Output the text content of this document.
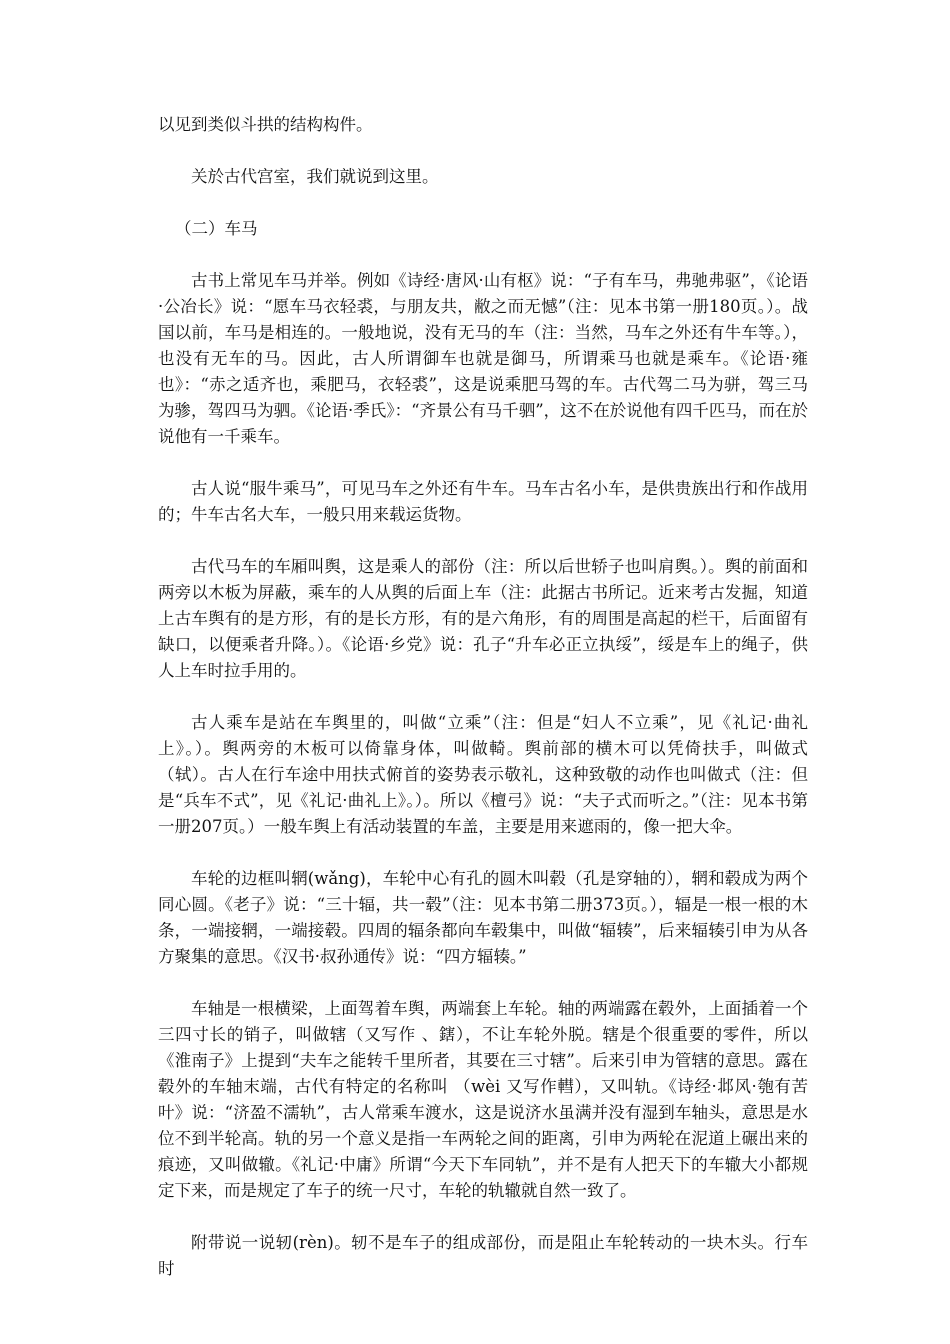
以见到类似斗拱的结构构件。

关於古代宫室，我们就说到这里。

（二）车马

古书上常见车马并举。例如《诗经·唐风·山有枢》说：“子有车马，弗驰弗驱”，《论语·公冶长》说：“愿车马衣轻裘，与朋友共，敝之而无憾”（注：见本书第一册180页。）。战国以前，车马是相连的。一般地说，没有无马的车（注：当然，马车之外还有牛车等。），也没有无车的马。因此，古人所谓御车也就是御马，所谓乘马也就是乘车。《论语·雍也》：“赤之适齐也，乘肥马，衣轻裘”，这是说乘肥马驾的车。古代驾二马为骈，驾三马为骖，驾四马为驷。《论语·季氏》：“齐景公有马千驷”，这不在於说他有四千匹马，而在於说他有一千乘车。

古人说“服牛乘马”，可见马车之外还有牛车。马车古名小车，是供贵族出行和作战用的；牛车古名大车，一般只用来载运货物。

古代马车的车厢叫舆，这是乘人的部份（注：所以后世轿子也叫肩舆。）。舆的前面和两旁以木板为屏蔽，乘车的人从舆的后面上车（注：此据古书所记。近来考古发掘，知道上古车舆有的是方形，有的是长方形，有的是六角形，有的周围是高起的栏干，后面留有缺口，以便乘者升降。）。《论语·乡党》说：孔子“升车必正立执绥”，绥是车上的绳子，供人上车时拉手用的。

古人乘车是站在车舆里的，叫做“立乘”（注：但是“妇人不立乘”，见《礼记·曲礼上》。）。舆两旁的木板可以倚靠身体，叫做輢。舆前部的横木可以凭倚扶手，叫做式（轼）。古人在行车途中用扶式俯首的姿势表示敬礼，这种致敬的动作也叫做式（注：但是“兵车不式”，见《礼记·曲礼上》。）。所以《檀弓》说：“夫子式而听之。”（注：见本书第一册207页。）一般车舆上有活动装置的车盖，主要是用来遮雨的，像一把大伞。

车轮的边框叫辋(wǎng)，车轮中心有孔的圆木叫毂（孔是穿轴的），辋和毂成为两个同心圆。《老子》说：“三十辐，共一毂”（注：见本书第二册373页。），辐是一根一根的木条，一端接辋，一端接毂。四周的辐条都向车毂集中，叫做“辐辏”，后来辐辏引申为从各方聚集的意思。《汉书·叔孙通传》说：“四方辐辏。”

车轴是一根横梁，上面驾着车舆，两端套上车轮。轴的两端露在毂外，上面插着一个三四寸长的销子，叫做辖（又写作 、鎋），不让车轮外脱。辖是个很重要的零件，所以《淮南子》上提到“夫车之能转千里所者，其要在三寸辖”。后来引申为管辖的意思。露在毂外的车轴末端，古代有特定的名称叫 （wèi 又写作轊），又叫轨。《诗经·邶风·匏有苦叶》说：“济盈不濡轨”，古人常乘车渡水，这是说济水虽满并没有湿到车轴头，意思是水位不到半轮高。轨的另一个意义是指一车两轮之间的距离，引申为两轮在泥道上碾出来的痕迹，又叫做辙。《礼记·中庸》所谓“今天下车同轨”，并不是有人把天下的车辙大小都规定下来，而是规定了车子的统一尺寸，车轮的轨辙就自然一致了。

附带说一说轫(rèn)。轫不是车子的组成部份，而是阻止车轮转动的一块木头。行车时
